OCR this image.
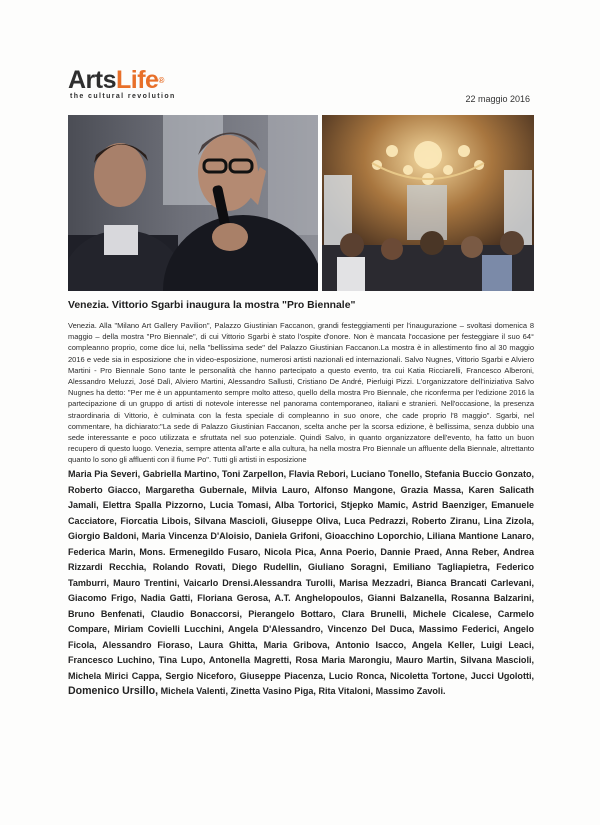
ArtsLife®
the cultural revolution	22 maggio 2016
Venezia. Vittorio Sgarbi inaugura la mostra "Pro Biennale"

Venezia. Alla "Milano Art Gallery Pavilion", Palazzo Giustinian Faccanon, grandi festeggiamenti per l'inaugurazione – svoltasi domenica 8 maggio – della mostra "Pro Biennale", di cui Vittorio Sgarbi è stato l'ospite d'onore. Non è mancata l'occasione per festeggiare il suo 64° compleanno proprio, come dice lui, nella "bellissima sede" del Palazzo Giustinian Faccanon.La mostra è in allestimento fino al 30 maggio 2016 e vede sia in esposizione che in video-esposizione, numerosi artisti nazionali ed internazionali. Salvo Nugnes, Vittorio Sgarbi e Alviero Martini - Pro Biennale Sono tante le personalità che hanno partecipato a questo evento, tra cui Katia Ricciarelli, Francesco Alberoni, Alessandro Meluzzi, José Dalì, Alviero Martini, Alessandro Sallusti, Cristiano De André, Pierluigi Pizzi. L'organizzatore dell'iniziativa Salvo Nugnes ha detto: "Per me è un appuntamento sempre molto atteso, quello della mostra Pro Biennale, che riconferma per l'edizione 2016 la partecipazione di un gruppo di artisti di notevole interesse nel panorama contemporaneo, italiani e stranieri. Nell'occasione, la presenza straordinaria di Vittorio, è culminata con la festa speciale di compleanno in suo onore, che cade proprio l'8 maggio". Sgarbi, nel commentare, ha dichiarato:"La sede di Palazzo Giustinian Faccanon, scelta anche per la scorsa edizione, è bellissima, senza dubbio una sede interessante e poco utilizzata e sfruttata nel suo potenziale. Quindi Salvo, in quanto organizzatore dell'evento, ha fatto un buon recupero di questo luogo. Venezia, sempre attenta all'arte e alla cultura, ha nella mostra Pro Biennale un affluente della Biennale, altrettanto quanto lo sono gli affluenti con il fiume Po". Tutti gli artisti in esposizione

Maria Pia Severi, Gabriella Martino, Toni Zarpellon, Flavia Rebori, Luciano Tonello, Stefania Buccio Gonzato, Roberto Giacco, Margaretha Gubernale, Milvia Lauro, Alfonso Mangone, Grazia Massa, Karen Salicath Jamali, Elettra Spalla Pizzorno, Lucia Tomasi, Alba Tortorici, Stjepko Mamic, Astrid Baenziger, Emanuele Cacciatore, Fiorcatia Libois, Silvana Mascioli, Giuseppe Oliva, Luca Pedrazzi, Roberto Ziranu, Lina Zizola, Giorgio Baldoni, Maria Vincenza D'Aloisio, Daniela Grifoni, Gioacchino Loporchio, Liliana Mantione Lanaro, Federica Marin, Mons. Ermenegildo Fusaro, Nicola Pica, Anna Poerio, Dannie Praed, Anna Reber, Andrea Rizzardi Recchia, Rolando Rovati, Diego Rudellin, Giuliano Soragni, Emiliano Tagliapietra, Federico Tamburri, Mauro Trentini, Vaicarlo Drensi.Alessandra Turolli, Marisa Mezzadri, Bianca Brancati Carlevani, Giacomo Frigo, Nadia Gatti, Floriana Gerosa, A.T. Anghelopoulos, Gianni Balzanella, Rosanna Balzarini, Bruno Benfenati, Claudio Bonaccorsi, Pierangelo Bottaro, Clara Brunelli, Michele Cicalese, Carmelo Compare, Miriam Covielli Lucchini, Angela D'Alessandro, Vincenzo Del Duca, Massimo Federici, Angelo Ficola, Alessandro Fioraso, Laura Ghitta, Maria Gribova, Antonio Isacco, Angela Keller, Luigi Leaci, Francesco Luchino, Tina Lupo, Antonella Magretti, Rosa Maria Marongiu, Mauro Martin, Silvana Mascioli, Michela Mirici Cappa, Sergio Nicefor​o, Giuseppe Piacenza, Lucio Ronca, Nicoletta Tortone, Jucci Ugolotti, Domenico Ursillo, Michela Valenti, Zinetta Vasino Piga, Rita Vitaloni, Massimo Zavoli.
